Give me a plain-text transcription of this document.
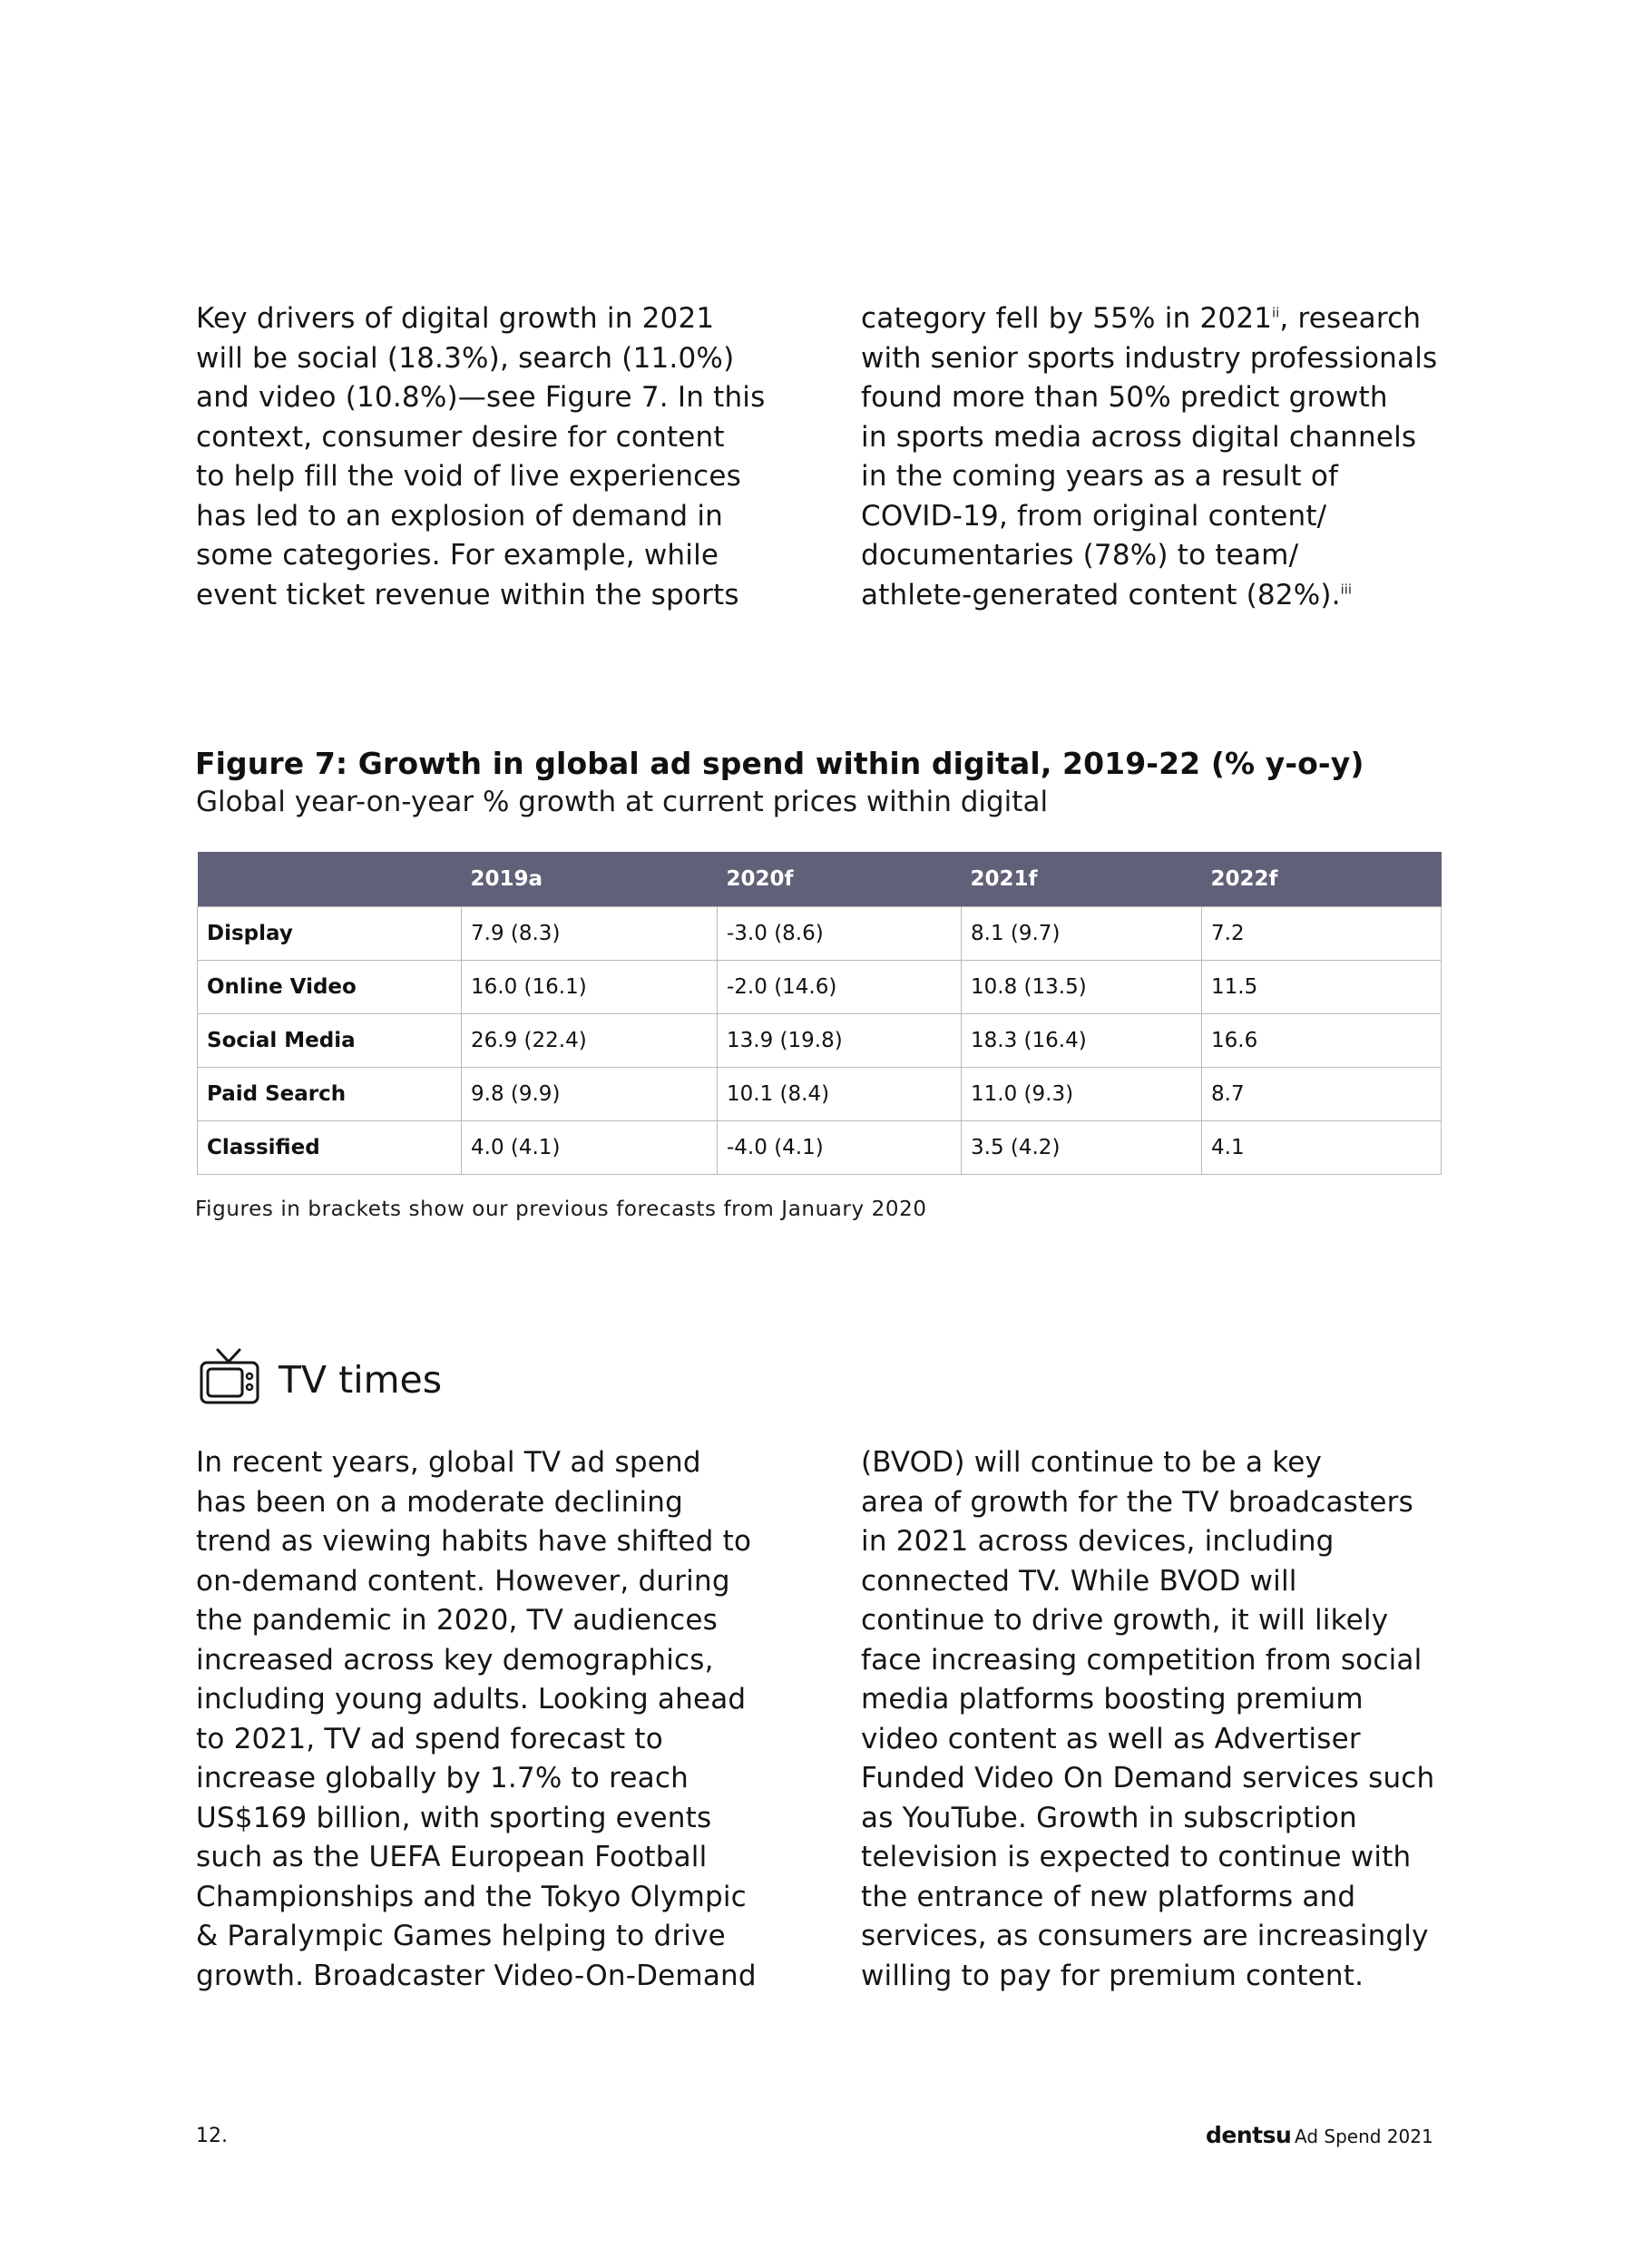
Key drivers of digital growth in 2021
will be social (18.3%), search (11.0%)
and video (10.8%)—see Figure 7. In this
context, consumer desire for content
to help fill the void of live experiences
has led to an explosion of demand in
some categories. For example, while
event ticket revenue within the sports
category fell by 55% in 2021$^{ii}$, research
with senior sports industry professionals
found more than 50% predict growth
in sports media across digital channels
in the coming years as a result of
COVID-19, from original content/
documentaries (78%) to team/
athlete-generated content (82%).$^{iii}$
Figure 7: Growth in global ad spend within digital, 2019-22 (% y-o-y)
Global year-on-year % growth at current prices within digital
	2019a	2020f	2021f	2022f
Display	7.9 (8.3)	-3.0 (8.6)	8.1 (9.7)	7.2
Online Video	16.0 (16.1)	-2.0 (14.6)	10.8 (13.5)	11.5
Social Media	26.9 (22.4)	13.9 (19.8)	18.3 (16.4)	16.6
Paid Search	9.8 (9.9)	10.1 (8.4)	11.0 (9.3)	8.7
Classified	4.0 (4.1)	-4.0 (4.1)	3.5 (4.2)	4.1
Figures in brackets show our previous forecasts from January 2020
TV times
In recent years, global TV ad spend
has been on a moderate declining
trend as viewing habits have shifted to
on-demand content. However, during
the pandemic in 2020, TV audiences
increased across key demographics,
including young adults. Looking ahead
to 2021, TV ad spend forecast to
increase globally by 1.7% to reach
US$169 billion, with sporting events
such as the UEFA European Football
Championships and the Tokyo Olympic
& Paralympic Games helping to drive
growth. Broadcaster Video-On-Demand
(BVOD) will continue to be a key
area of growth for the TV broadcasters
in 2021 across devices, including
connected TV. While BVOD will
continue to drive growth, it will likely
face increasing competition from social
media platforms boosting premium
video content as well as Advertiser
Funded Video On Demand services such
as YouTube. Growth in subscription
television is expected to continue with
the entrance of new platforms and
services, as consumers are increasingly
willing to pay for premium content.
12.	dentsu Ad Spend 2021
